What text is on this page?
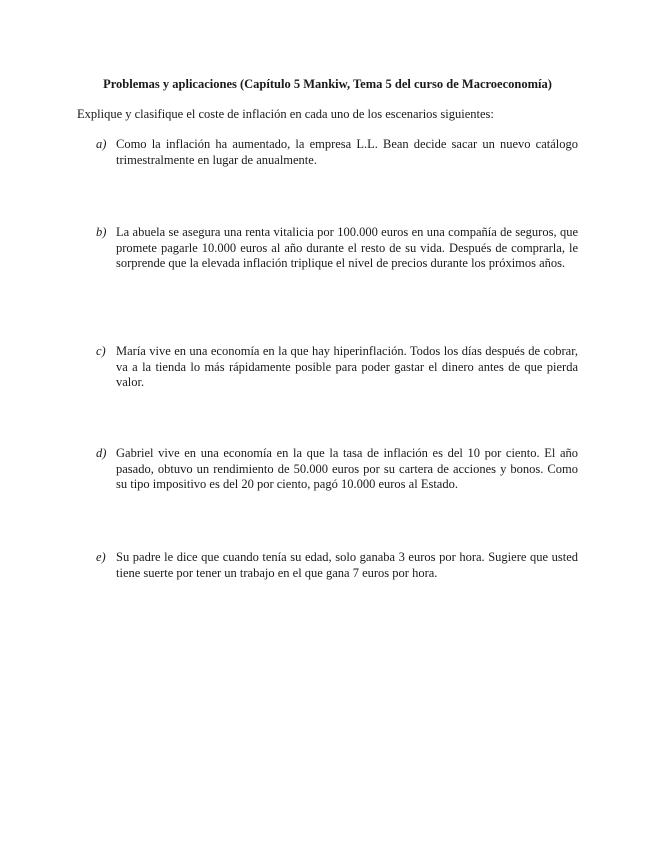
Problemas y aplicaciones (Capítulo 5 Mankiw, Tema 5 del curso de Macroeconomía)
Explique y clasifique el coste de inflación en cada uno de los escenarios siguientes:
a) Como la inflación ha aumentado, la empresa L.L. Bean decide sacar un nuevo catálogo trimestralmente en lugar de anualmente.
b) La abuela se asegura una renta vitalicia por 100.000 euros en una compañía de seguros, que promete pagarle 10.000 euros al año durante el resto de su vida. Después de comprarla, le sorprende que la elevada inflación triplique el nivel de precios durante los próximos años.
c) María vive en una economía en la que hay hiperinflación. Todos los días después de cobrar, va a la tienda lo más rápidamente posible para poder gastar el dinero antes de que pierda valor.
d) Gabriel vive en una economía en la que la tasa de inflación es del 10 por ciento. El año pasado, obtuvo un rendimiento de 50.000 euros por su cartera de acciones y bonos. Como su tipo impositivo es del 20 por ciento, pagó 10.000 euros al Estado.
e) Su padre le dice que cuando tenía su edad, solo ganaba 3 euros por hora. Sugiere que usted tiene suerte por tener un trabajo en el que gana 7 euros por hora.
